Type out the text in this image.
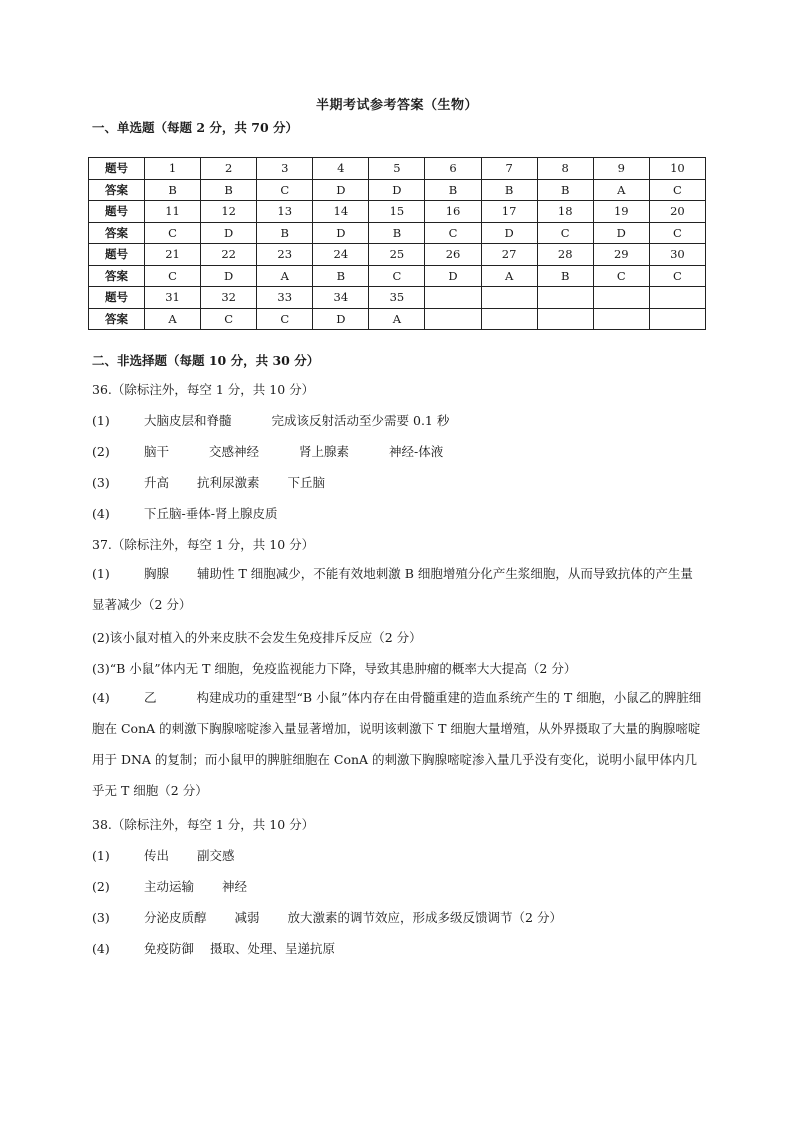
半期考试参考答案（生物）
一、单选题（每题 2 分，共 70 分）
题号	1	2	3	4	5	6	7	8	9	10
答案	B	B	C	D	D	B	B	B	A	C
题号	11	12	13	14	15	16	17	18	19	20
答案	C	D	B	D	B	C	D	C	D	C
题号	21	22	23	24	25	26	27	28	29	30
答案	C	D	A	B	C	D	A	B	C	C
题号	31	32	33	34	35					
答案	A	C	C	D	A					
二、非选择题（每题 10 分，共 30 分）
36.（除标注外，每空 1 分，共 10 分）
(1)	大脑皮层和脊髓	完成该反射活动至少需要 0.1 秒
(2)	脑干	交感神经	肾上腺素	神经-体液
(3)	升高 抗利尿激素 下丘脑
(4)	下丘脑-垂体-肾上腺皮质
37.（除标注外，每空 1 分，共 10 分）
(1)	胸腺 辅助性 T 细胞减少，不能有效地刺激 B 细胞增殖分化产生浆细胞，从而导致抗体的产生量显著减少（2 分）
(2)该小鼠对植入的外来皮肤不会发生免疫排斥反应（2 分）
(3)“B 小鼠”体内无 T 细胞，免疫监视能力下降，导致其患肿瘤的概率大大提高（2 分）
(4)	乙	构建成功的重建型“B 小鼠”体内存在由骨髓重建的造血系统产生的 T 细胞，小鼠乙的脾脏细胞在 ConA 的刺激下胸腺嘧啶渗入量显著增加，说明该刺激下 T 细胞大量增殖，从外界摄取了大量的胸腺嘧啶用于 DNA 的复制；而小鼠甲的脾脏细胞在 ConA 的刺激下胸腺嘧啶渗入量几乎没有变化，说明小鼠甲体内几乎无 T 细胞（2 分）
38.（除标注外，每空 1 分，共 10 分）
(1)	传出 副交感
(2)	主动运输 神经
(3)	分泌皮质醇 减弱 放大激素的调节效应，形成多级反馈调节（2 分）
(4)	免疫防御 摄取、处理、呈递抗原
